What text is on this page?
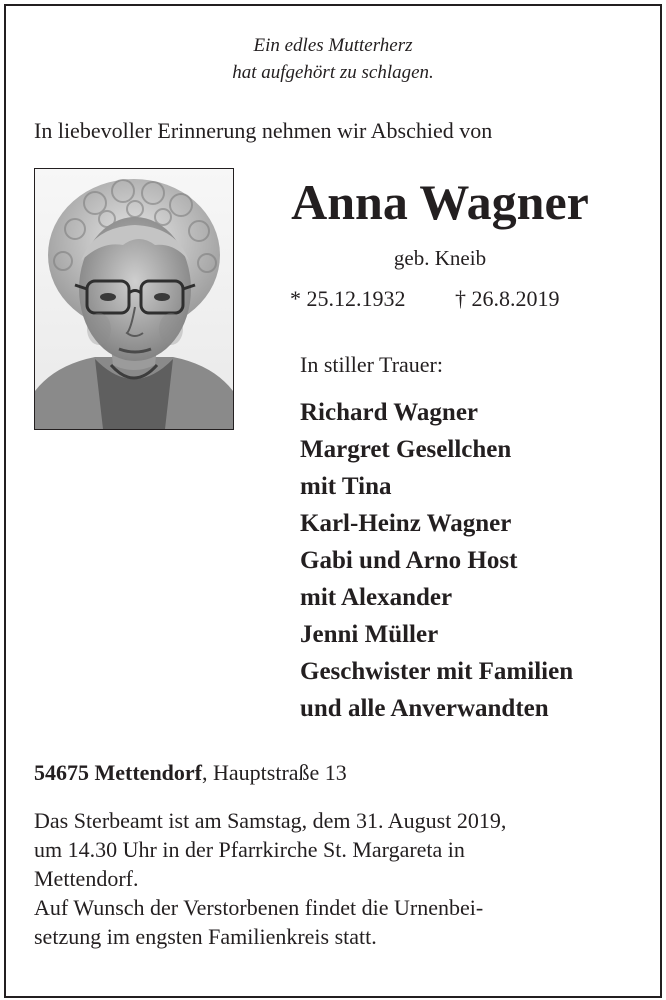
Ein edles Mutterherz
hat aufgehört zu schlagen.
In liebevoller Erinnerung nehmen wir Abschied von
Anna Wagner
geb. Kneib
* 25.12.1932 † 26.8.2019
In stiller Trauer:
Richard Wagner
Margret Gesellchen
mit Tina
Karl-Heinz Wagner
Gabi und Arno Host
mit Alexander
Jenni Müller
Geschwister mit Familien
und alle Anverwandten
54675 Mettendorf, Hauptstraße 13

Das Sterbeamt ist am Samstag, dem 31. August 2019,

um 14.30 Uhr in der Pfarrkirche St. Margareta in

Mettendorf.

Auf Wunsch der Verstorbenen findet die Urnenbei-

setzung im engsten Familienkreis statt.
